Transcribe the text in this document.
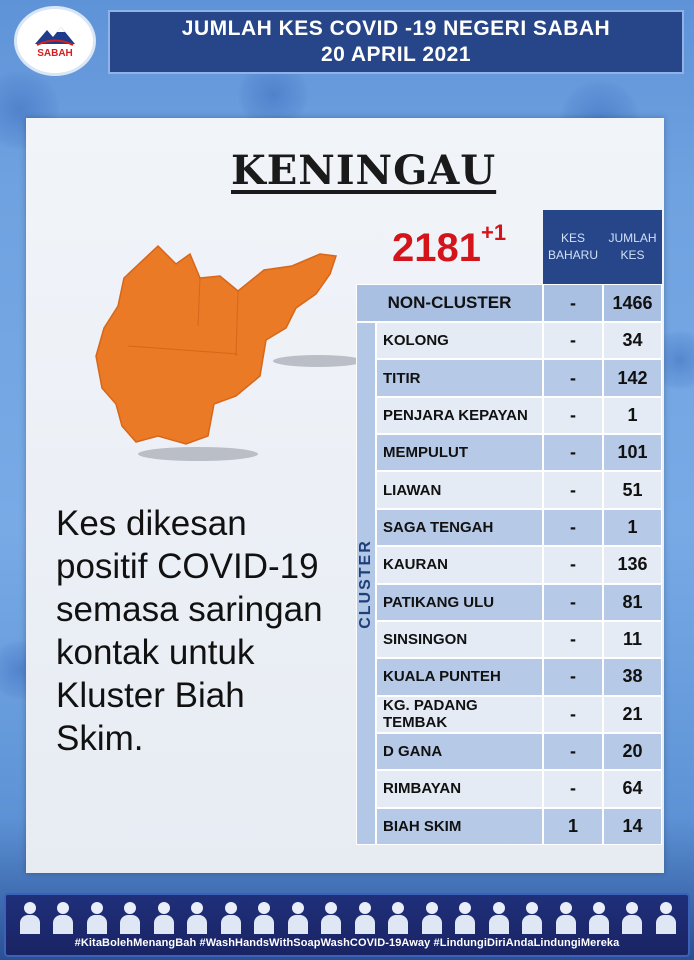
SABAH
JUMLAH KES COVID -19 NEGERI SABAH
20 APRIL 2021
KENINGAU
$2181^{+1}$
Kes dikesan
positif COVID-19
semasa saringan
kontak untuk
Kluster Biah
Skim.
KES
BAHARU
JUMLAH
KES
NON-CLUSTER	-	1466
CLUSTER
KOLONG	-	34
TITIR	-	142
PENJARA KEPAYAN	-	1
MEMPULUT	-	101
LIAWAN	-	51
SAGA TENGAH	-	1
KAURAN	-	136
PATIKANG ULU	-	81
SINSINGON	-	11
KUALA PUNTEH	-	38
KG. PADANG TEMBAK	-	21
D GANA	-	20
RIMBAYAN	-	64
BIAH SKIM	1	14
#KitaBolehMenangBah #WashHandsWithSoapWashCOVID-19Away #LindungiDiriAndaLindungiMereka
